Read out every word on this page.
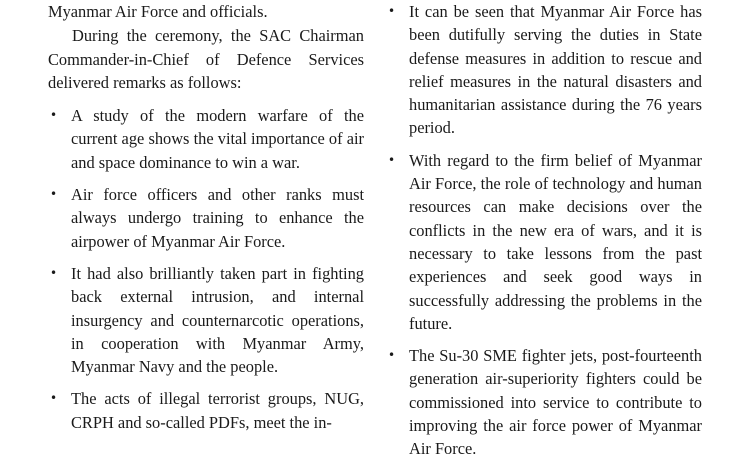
Myanmar Air Force and officials.

During the ceremony, the SAC Chairman Commander-in-Chief of Defence Services delivered remarks as follows:

• A study of the modern warfare of the current age shows the vital importance of air and space dominance to win a war.
• Air force officers and other ranks must always undergo training to enhance the airpower of Myanmar Air Force.
• It had also brilliantly taken part in fighting back external intrusion, and internal insurgency and counternarcotic operations, in cooperation with Myanmar Army, Myanmar Navy and the people.
• The acts of illegal terrorist groups, NUG, CRPH and so-called PDFs, meet the in-
• It can be seen that Myanmar Air Force has been dutifully serving the duties in State defense measures in addition to rescue and relief measures in the natural disasters and humanitarian assistance during the 76 years period.
• With regard to the firm belief of Myanmar Air Force, the role of technology and human resources can make decisions over the conflicts in the new era of wars, and it is necessary to take lessons from the past experiences and seek good ways in successfully addressing the problems in the future.
• The Su-30 SME fighter jets, post-fourteenth generation air-superiority fighters could be commissioned into service to contribute to improving the air force power of Myanmar Air Force.
